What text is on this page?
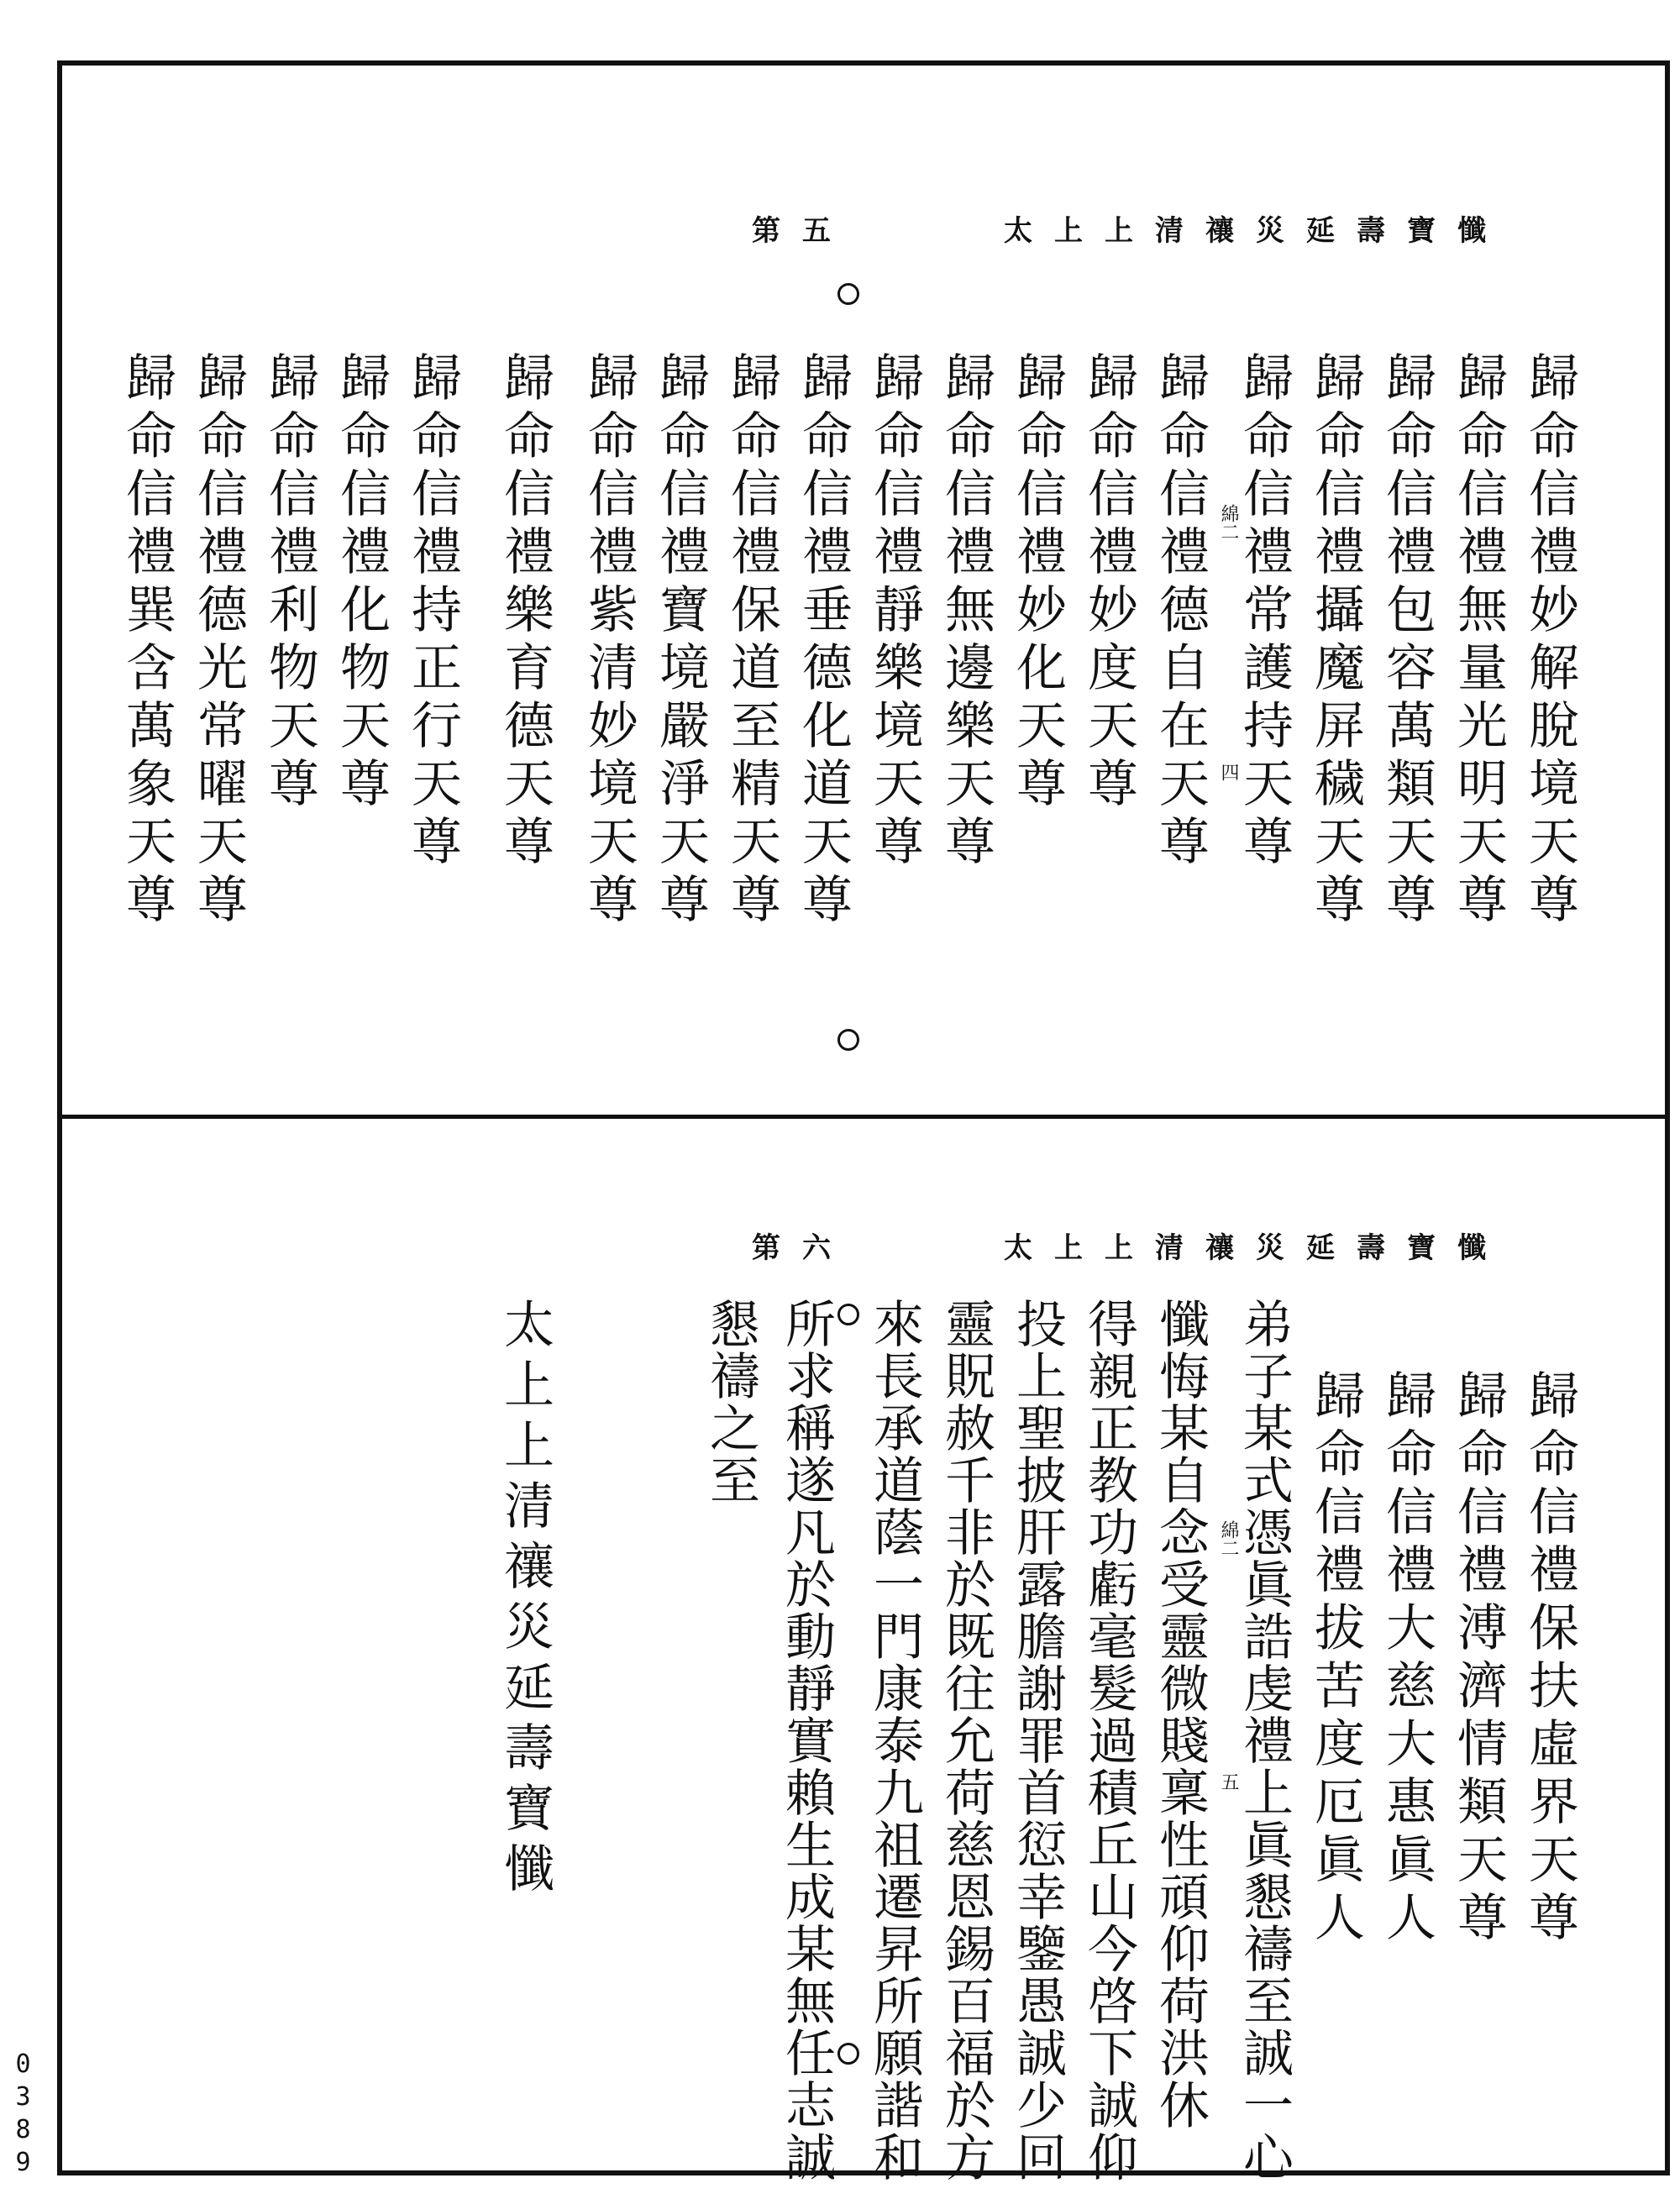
太上上清禳災延壽寶懺
第五
綿二
四	歸命信禮妙解脫境天尊
歸命信禮無量光明天尊
歸命信禮包容萬類天尊
歸命信禮攝魔屏穢天尊
歸命信禮常護持天尊
歸命信禮德自在天尊
歸命信禮妙度天尊
歸命信禮妙化天尊
歸命信禮無邊樂天尊
歸命信禮靜樂境天尊
歸命信禮垂德化道天尊
歸命信禮保道至精天尊
歸命信禮寶境嚴淨天尊
歸命信禮紫清妙境天尊
歸命信禮樂育德天尊
歸命信禮持正行天尊
歸命信禮化物天尊
歸命信禮利物天尊
歸命信禮德光常曜天尊
歸命信禮巽含萬象天尊
太上上清禳災延壽寶懺
第六
綿二
五	歸命信禮保扶虛界天尊
歸命信禮溥濟情類天尊
歸命信禮大慈大惠眞人
歸命信禮拔苦度厄眞人
弟子某式憑眞誥虔禮上眞懇禱至誠一心
懺悔某自念受靈微賤稟性頑仰荷洪休
得親正教功虧毫髮過積丘山今啓下誠仰
投上聖披肝露膽謝罪首愆幸鑒愚誠少回
靈貺赦千非於既往允荷慈恩錫百福於方
來長承道蔭一門康泰九祖遷昇所願諧和
所求稱遂凡於動靜實賴生成某無任志誠
懇禱之至
太上上清禳災延壽寶懺
0389
